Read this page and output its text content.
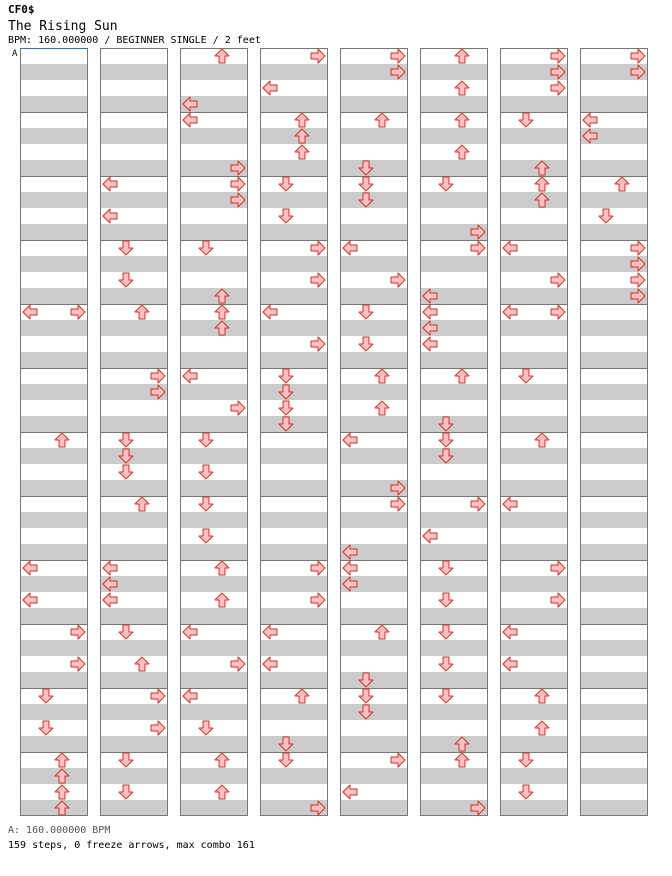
CF0$
The Rising Sun
BPM: 160.000000 / BEGINNER SINGLE / 2 feet
A
A: 160.000000 BPM
159 steps, 0 freeze arrows, max combo 161
